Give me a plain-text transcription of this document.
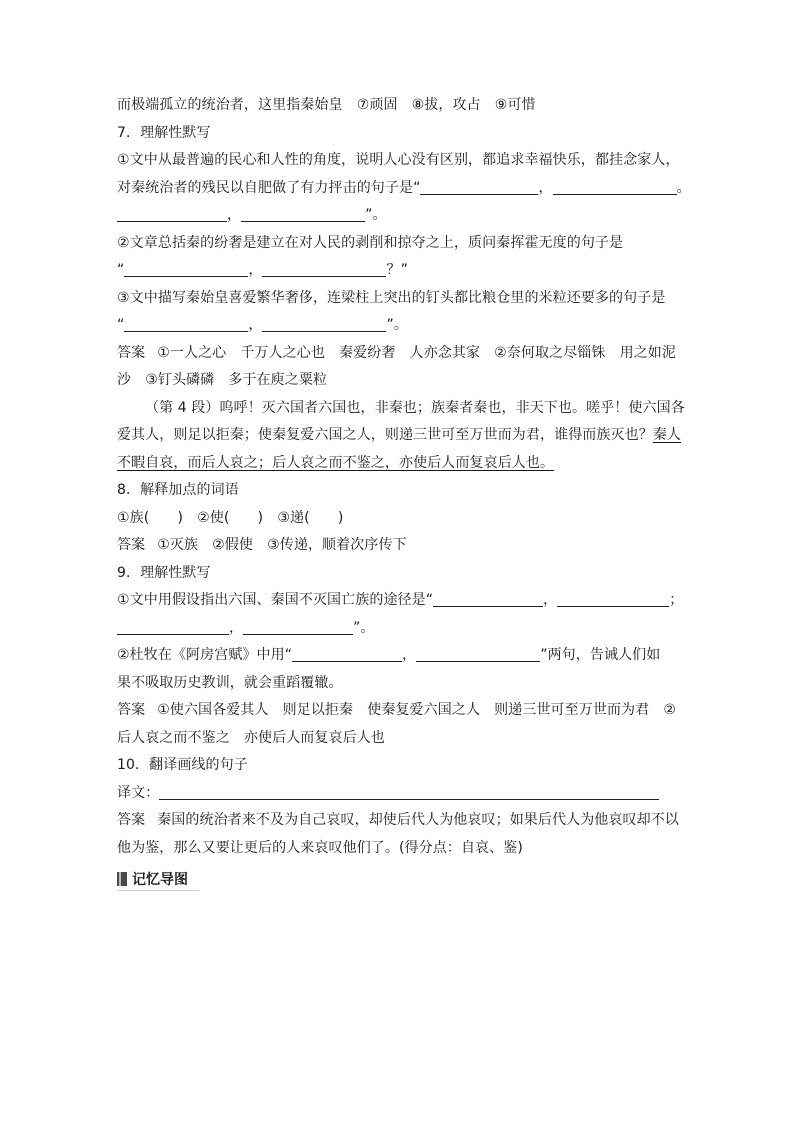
而极端孤立的统治者，这里指秦始皇　⑦顽固　⑧拔，攻占　⑨可惜
7．理解性默写
①文中从最普遍的民心和人性的角度，说明人心没有区别，都追求幸福快乐，都挂念家人，
对秦统治者的残民以自肥做了有力抨击的句子是“	，	。
，	”。
②文章总括秦的纷奢是建立在对人民的剥削和掠夺之上，质问秦挥霍无度的句子是
“	，	？”
③文中描写秦始皇喜爱繁华奢侈，连梁柱上突出的钉头都比粮仓里的米粒还要多的句子是
“	，	”。
答案 ①一人之心　千万人之心也　秦爱纷奢　人亦念其家　②奈何取之尽锱铢　用之如泥
沙　③钉头磷磷　多于在庾之粟粒
（第 4 段）呜呼！灭六国者六国也，非秦也；族秦者秦也，非天下也。嗟乎！使六国各
爱其人，则足以拒秦；使秦复爱六国之人，则递三世可至万世而为君，谁得而族灭也？秦人
不暇自哀，而后人哀之；后人哀之而不鉴之，亦使后人而复哀后人也。
8．解释加点的词语
①族(　　)　②使(　　)　③递(　　)
答案 ①灭族　②假使　③传递，顺着次序传下
9．理解性默写
①文中用假设指出六国、秦国不灭国亡族的途径是“	，	；
，	”。
②杜牧在《阿房宫赋》中用“	，	”两句，告诫人们如
果不吸取历史教训，就会重蹈覆辙。
答案 ①使六国各爱其人　则足以拒秦　使秦复爱六国之人　则递三世可至万世而为君　②
后人哀之而不鉴之　亦使后人而复哀后人也
10．翻译画线的句子
译文：
答案 秦国的统治者来不及为自己哀叹，却使后代人为他哀叹；如果后代人为他哀叹却不以
他为鉴，那么又要让更后的人来哀叹他们了。(得分点：自哀、鉴)
记忆导图
